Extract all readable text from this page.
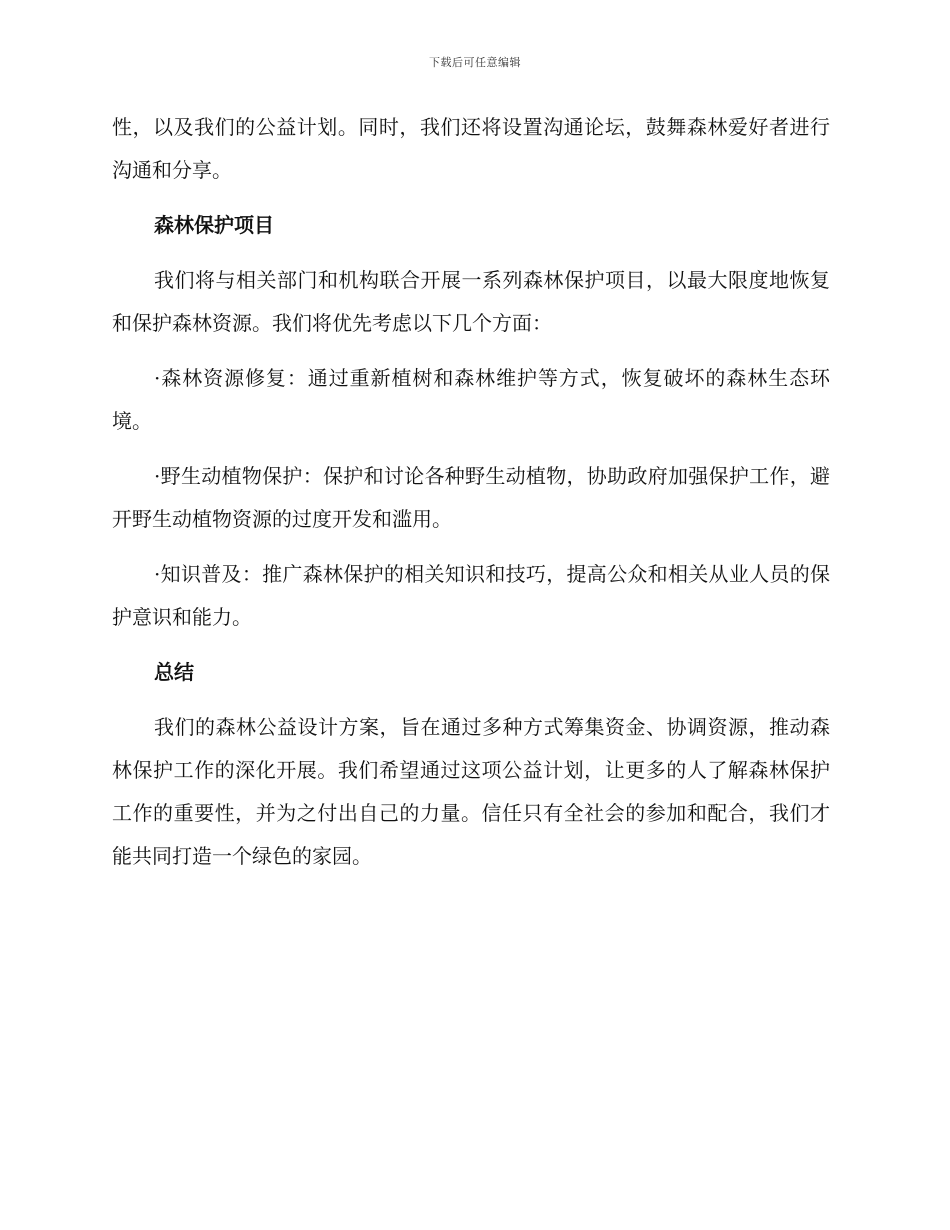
下载后可任意编辑

性，以及我们的公益计划。同时，我们还将设置沟通论坛，鼓舞森林爱好者进行沟通和分享。

森林保护项目

我们将与相关部门和机构联合开展一系列森林保护项目，以最大限度地恢复和保护森林资源。我们将优先考虑以下几个方面：

·森林资源修复：通过重新植树和森林维护等方式，恢复破坏的森林生态环境。

·野生动植物保护：保护和讨论各种野生动植物，协助政府加强保护工作，避开野生动植物资源的过度开发和滥用。

·知识普及：推广森林保护的相关知识和技巧，提高公众和相关从业人员的保护意识和能力。

总结

我们的森林公益设计方案，旨在通过多种方式筹集资金、协调资源，推动森林保护工作的深化开展。我们希望通过这项公益计划，让更多的人了解森林保护工作的重要性，并为之付出自己的力量。信任只有全社会的参加和配合，我们才能共同打造一个绿色的家园。
